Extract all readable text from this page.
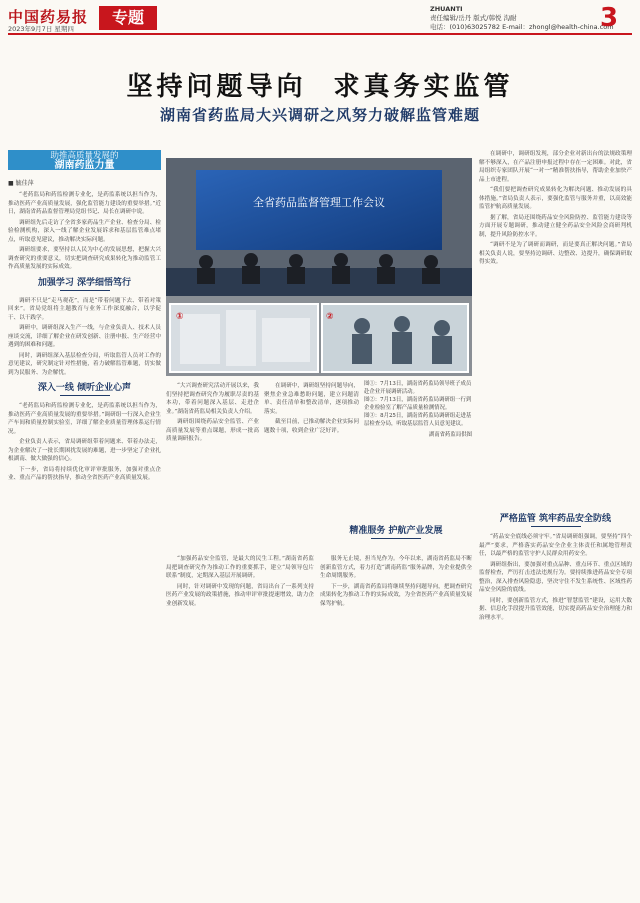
中国药易报
2023年9月7日 星期四
专题	ZHUANTI
责任编辑/岳丹 版式/韩悦 沟耐
电话：(010)63025782 E-mail：zhongl@health-china.com
3
坚持问题导向 求真务实监管
湖南省药监局大兴调研之风努力破解监管难题
助推高质量发展的
湖南药监力量
■ 毓佳萍

“老药监局和药监检测专业化，是药监系统以担当作为，推动医药产业高质量发展，强化监管能力建设的重要举措。”近日，湖南省药品监督管理局党组书记、局长在调研中说。

调研组先后走访了全省多家药品生产企业、检查分局、检验检测机构，深入一线了解企业发展诉求和基层监管难点堵点，听取意见建议，推动解决实际问题。

调研组要求，要坚持以人民为中心的发展思想，把握大兴调查研究的重要意义，切实把调查研究成果转化为推动监管工作高质量发展的实际成效。

加强学习 深学细悟笃行

调研不只是“走马观花”，而是“带着问题下去、带着对策回来”。省局党组将主题教育与业务工作深度融合，以学促干、以干践学。

调研中，调研组深入生产一线，与企业负责人、技术人员座谈交流，详细了解企业在研发创新、注册申报、生产经营中遇到的困难和问题。

同时，调研组深入基层检查分局，听取监管人员对工作的意见建议，研究制定针对性措施，着力破解监管难题，切实做到为民服务、为企解忧。

深入一线 倾听企业心声

“老药监局和药监检测专业化，是药监系统以担当作为，推动医药产业高质量发展的重要举措。”调研组一行深入企业生产车间和质量控制实验室，详细了解企业质量管理体系运行情况。

企业负责人表示，省局调研组带着问题来、带着办法走，为企业解决了一批长期困扰发展的难题，进一步坚定了企业扎根湖南、做大做强的信心。

下一步，省局将持续优化审评审批服务，加强对重点企业、重点产品的帮扶指导，推动全省医药产业高质量发展。

全省药品监督管理工作会议
①	②

图①：7月13日，湖南省药监局领导班子成员赴企业开展调研活动。

图②：7月13日，湖南省药监局调研组一行到企业检验室了解产品质量检测情况。

图③：8月25日，湖南省药监局调研组走进基层检查分局，听取基层监管人员意见建议。

湖南省药监局供图

“大兴调查研究活动开展以来，我们坚持把调查研究作为履职尽责的基本功，带着问题深入基层、走进企业。”湖南省药监局相关负责人介绍。

调研组围绕药品安全监管、产业高质量发展等重点课题，形成一批高质量调研报告。

在调研中，调研组坚持问题导向，聚焦企业急难愁盼问题，建立问题清单、责任清单和整改清单，逐项推动落实。

截至目前，已推动解决企业实际问题数十项，收到企业广泛好评。

精准服务 护航产业发展

“加强药品安全监管，是最大的民生工程。”湖南省药监局把调查研究作为推动工作的重要抓手，建立“局领导包片联系”制度，定期深入基层开展调研。

同时，针对调研中发现的问题，省局出台了一系列支持医药产业发展的政策措施，推动审评审批提速增效，助力企业创新发展。

服务无止境，担当见作为。今年以来，湖南省药监局不断创新监管方式，着力打造“湖南药监”服务品牌，为企业提供全生命周期服务。

下一步，湖南省药监局将继续坚持问题导向，把调查研究成果转化为推动工作的实际成效，为全省医药产业高质量发展保驾护航。

在调研中，调研组发现，部分企业对新出台的法规政策理解不够深入，在产品注册申报过程中存在一定困难。对此，省局组织专家团队开展“一对一”精准帮扶指导，帮助企业加快产品上市进程。

“我们要把调查研究成果转化为解决问题、推动发展的具体措施。”省局负责人表示，要强化监管与服务并重，以高效能监管护航高质量发展。

据了解，省局还围绕药品安全风险防控、监管能力建设等方面开展专题调研，推动建立健全药品安全风险会商研判机制，提升风险防控水平。

“调研不是为了调研而调研，而是要真正解决问题。”省局相关负责人说，要坚持边调研、边整改、边提升，确保调研取得实效。

严格监管 筑牢药品安全防线

“药品安全底线必须守牢。”省局调研组强调，要坚持“四个最严”要求，严格落实药品安全企业主体责任和属地管理责任，以最严格的监管守护人民群众用药安全。

调研组指出，要加强对重点品种、重点环节、重点区域的监督检查，严厉打击违法违规行为。要持续推进药品安全专项整治，深入排查风险隐患，坚决守住不发生系统性、区域性药品安全风险的底线。

同时，要创新监管方式，推进“智慧监管”建设，运用大数据、信息化手段提升监管效能，切实提高药品安全治理能力和治理水平。
